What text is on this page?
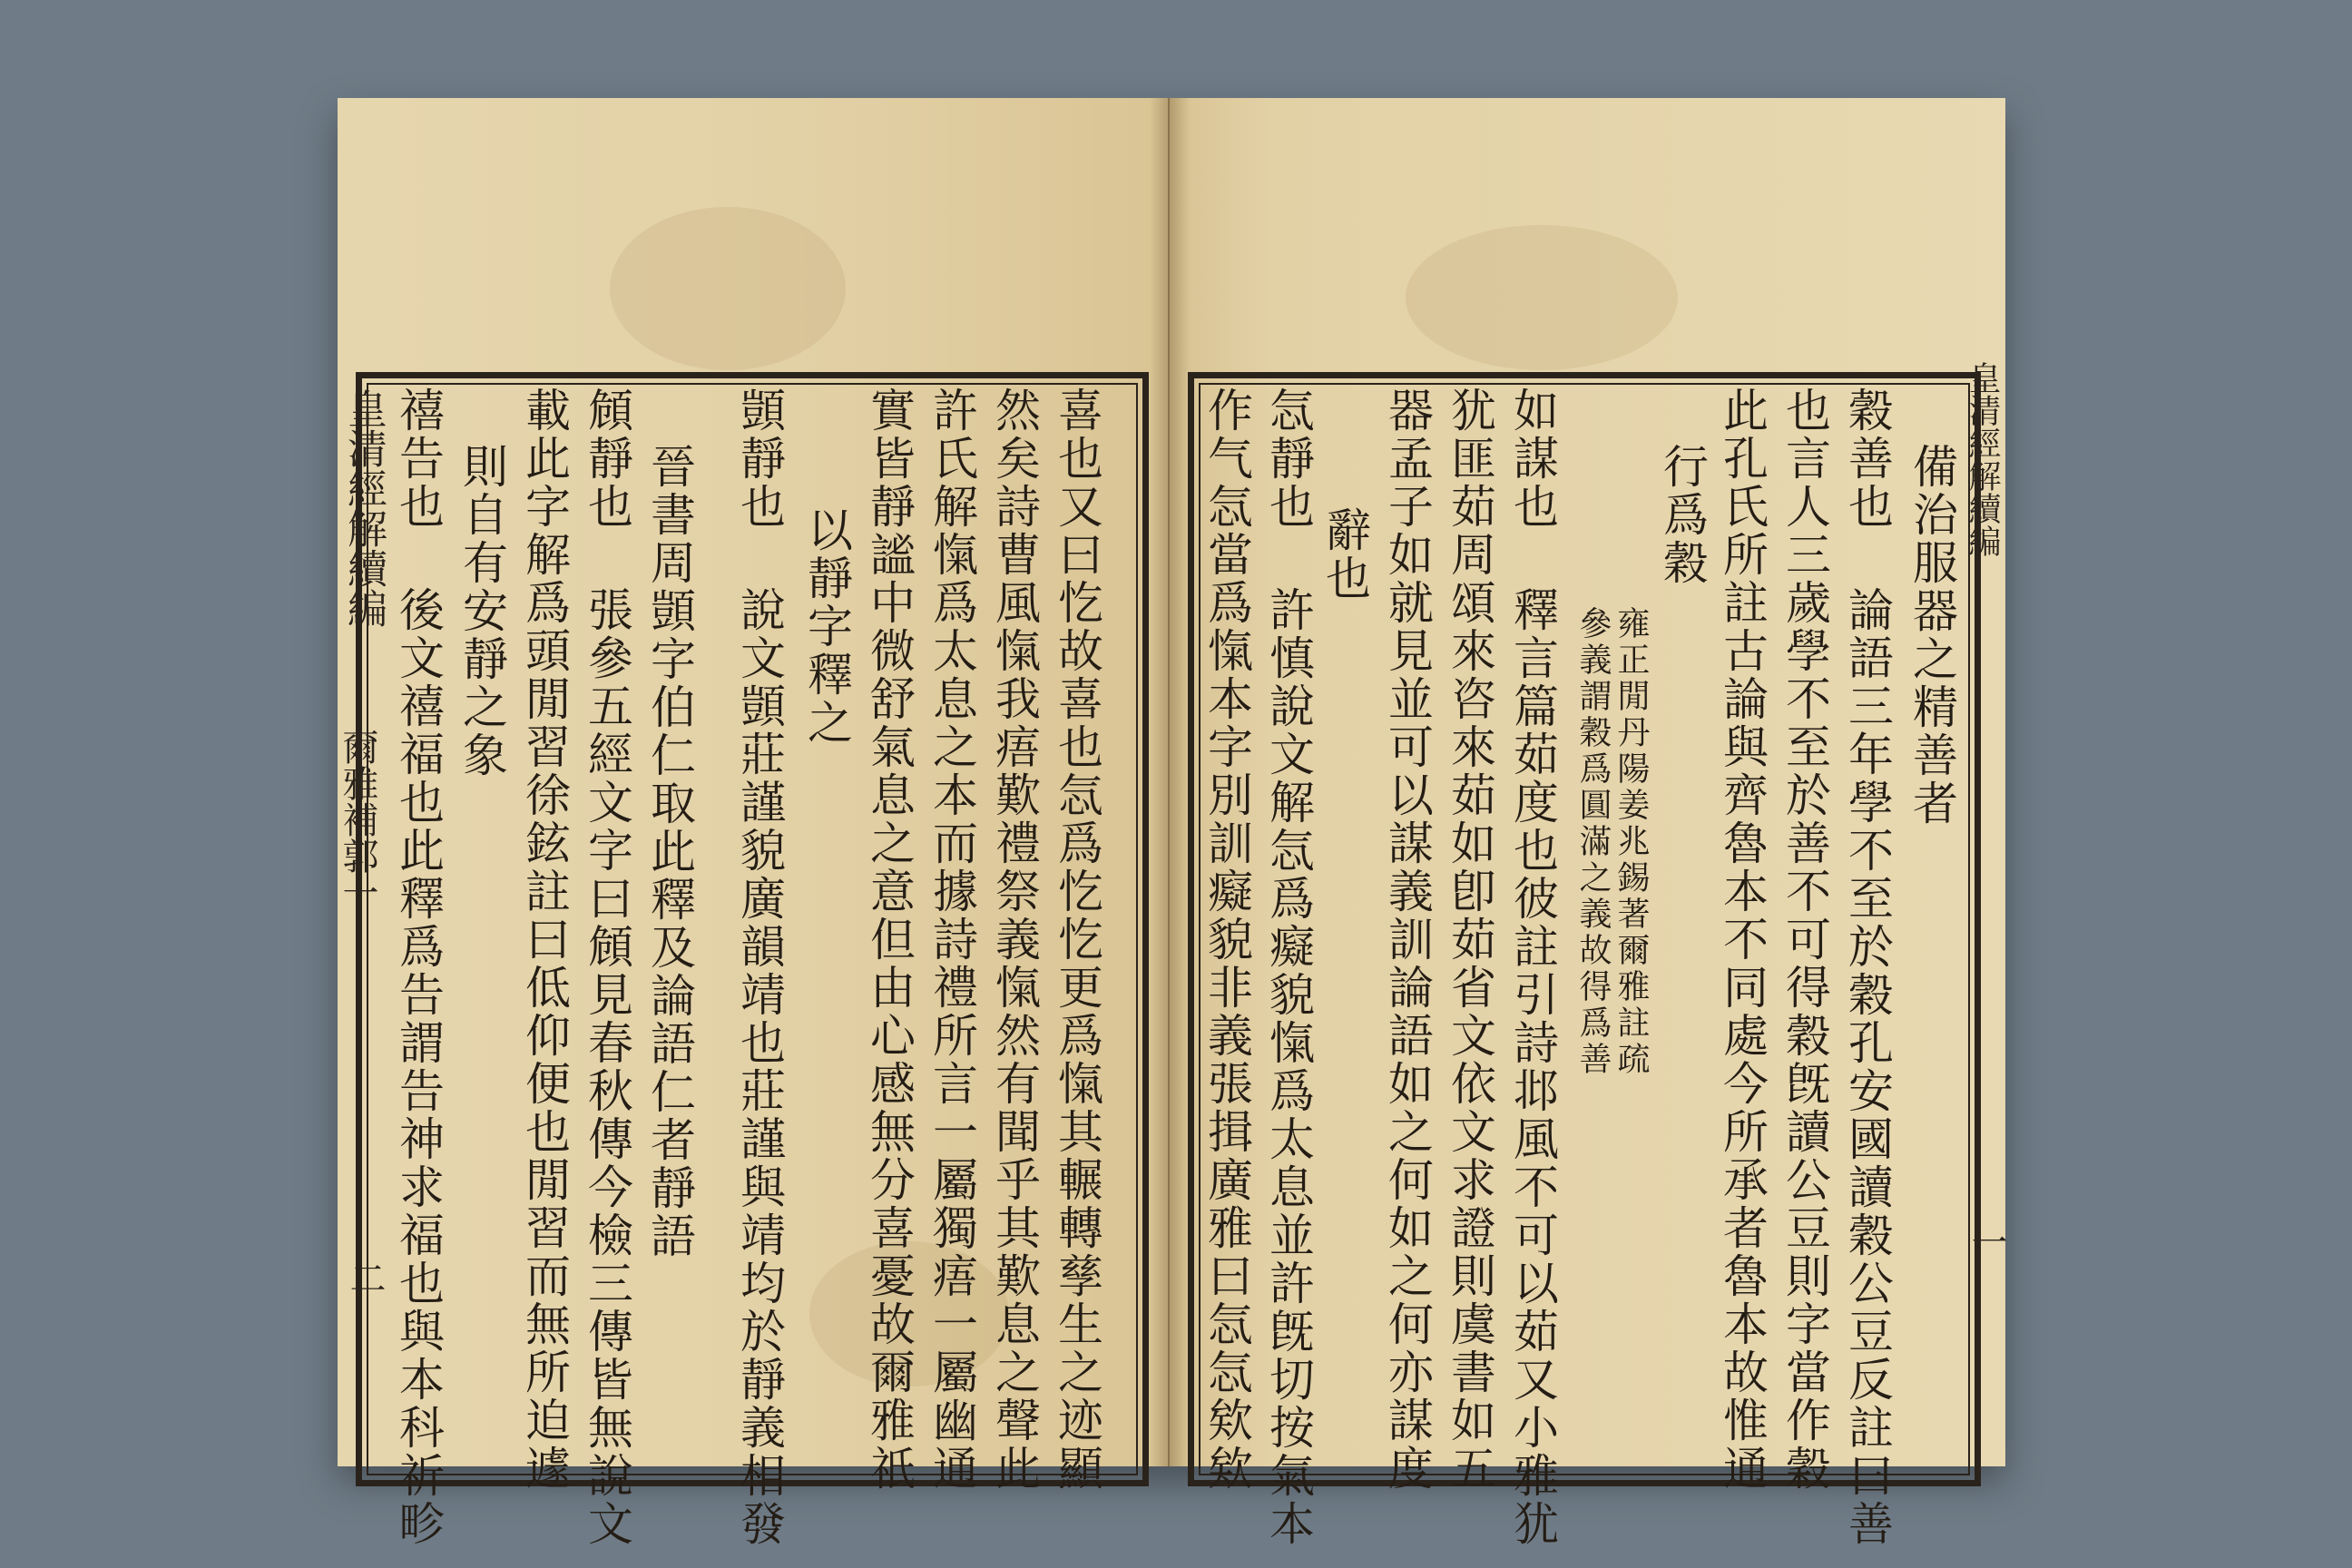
皇清經解續編
爾雅補郭一
二 禧告也 後文禧福也此釋爲告謂告神求福也與本科祈畛 則自有安靜之象 載此字解爲頭閒習徐鉉註曰低仰便也閒習而無所迫遽 頠靜也 張參五經文字曰頠見春秋傳今檢三傳皆無說文 晉書周顗字伯仁取此釋及論語仁者靜語 顗靜也 說文顗莊謹貌廣韻靖也莊謹與靖均於靜義相發 以靜字釋之 實皆靜謐中微舒氣息之意但由心感無分喜憂故爾雅祇 許氏解愾爲太息之本而據詩禮所言一屬獨痦一屬幽通 然矣詩曹風愾我痦歎禮祭義愾然有聞乎其歎息之聲此 喜也又曰忔故喜也忥爲忔忔更爲愾其輾轉孳生之迹顯 作气忥當爲愾本字別訓癡貌非義張揖廣雅曰忥忥欸欸 忥靜也 許慎說文解忥爲癡貌愾爲太息並許旣切按氣本 辭也 器孟子如就見並可以謀義訓論語如之何如之何亦謀度 犹匪茹周頌來咨來茹如卽茹省文依文求證則虞書如五 如謀也 釋言篇茹度也彼註引詩邶風不可以茹又小雅犹 參義謂穀爲圓滿之義故得爲善 雍正閒丹陽姜兆錫著爾雅註疏
行爲穀 此孔氏所註古論與齊魯本不同處今所承者魯本故惟通 也言人三歲學不至於善不可得穀旣讀公豆則字當作穀 穀善也 論語三年學不至於穀孔安國讀穀公豆反註曰善 備治服器之精善者 皇清經解續編
一
